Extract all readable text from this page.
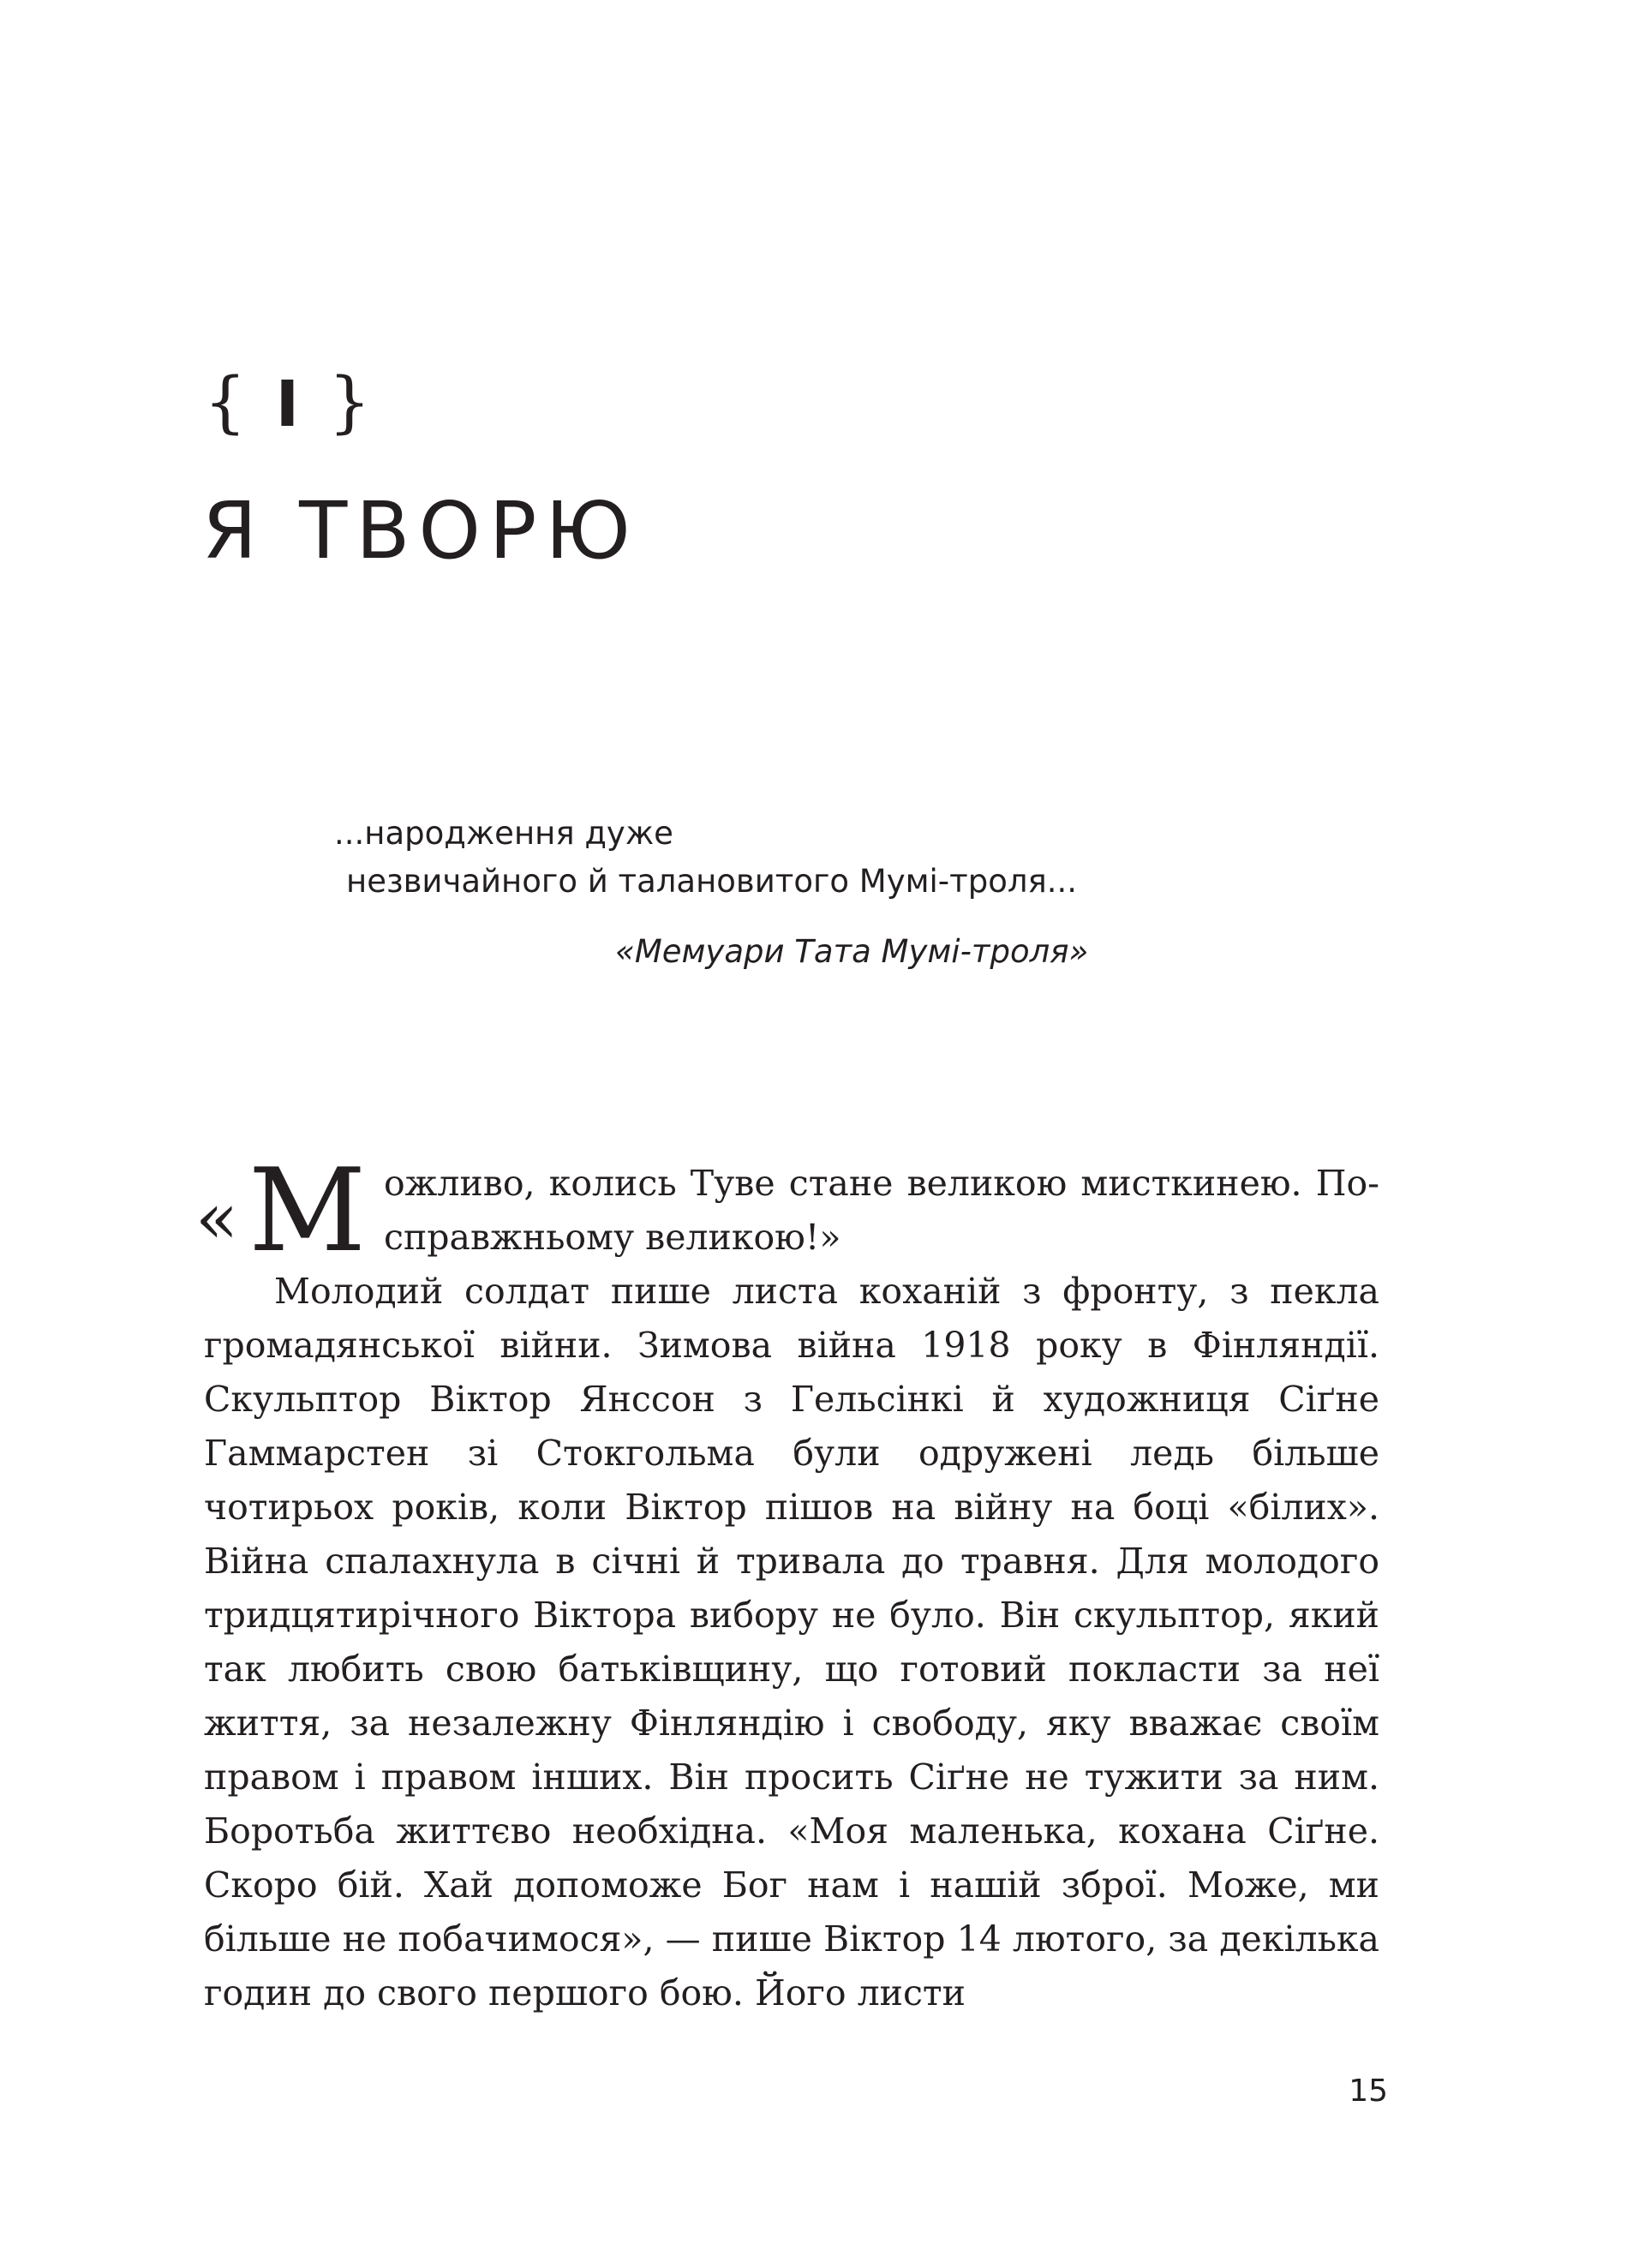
{ I }
Я ТВОРЮ

...народження дуже

незвичайного й талановитого Мумі-троля...

«Мемуари Тата Мумі-троля»

« М ожливо, колись Туве стане великою мисткинею. По-справжньому великою!»

Молодий солдат пише листа коханій з фронту, з пекла громадянської війни. Зимова війна 1918 року в Фінляндії. Скульптор Віктор Янссон з Гельсінкі й художниця Сіґне Гаммарстен зі Стокгольма були одружені ледь більше чотирьох років, коли Віктор пішов на війну на боці «білих». Війна спалахнула в січні й тривала до травня. Для молодого тридцятирічного Віктора вибору не було. Він скульптор, який так любить свою батьківщину, що готовий покласти за неї життя, за незалежну Фінляндію і свободу, яку вважає своїм правом і правом інших. Він просить Сіґне не тужити за ним. Боротьба життєво необхідна. «Моя маленька, кохана Сіґне. Скоро бій. Хай допоможе Бог нам і нашій зброї. Може, ми більше не побачимося», — пише Віктор 14 лютого, за декілька годин до свого першого бою. Його листи

15
